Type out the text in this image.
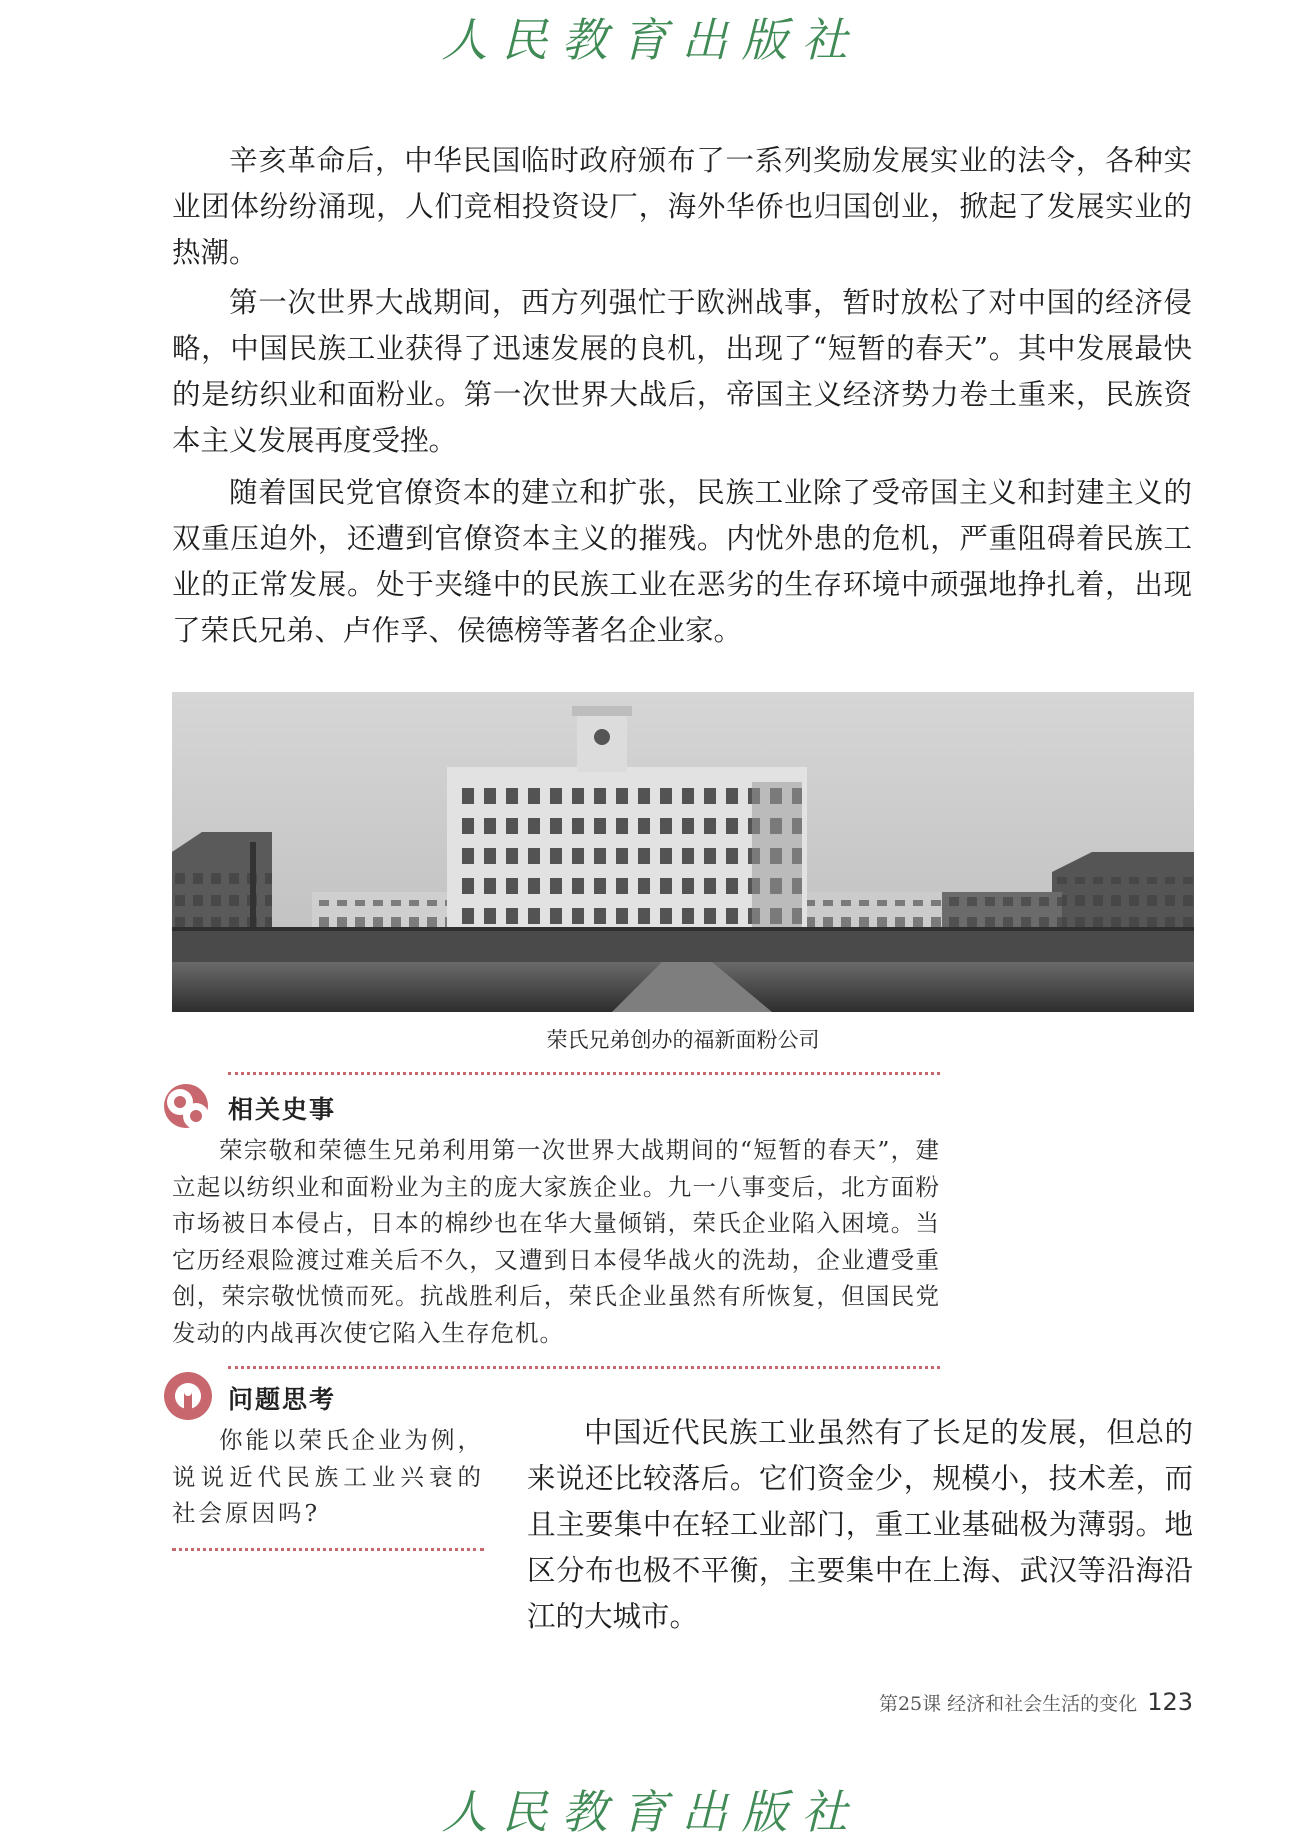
人民教育出版社

辛亥革命后，中华民国临时政府颁布了一系列奖励发展实业的法令，各种实业团体纷纷涌现，人们竞相投资设厂，海外华侨也归国创业，掀起了发展实业的热潮。

第一次世界大战期间，西方列强忙于欧洲战事，暂时放松了对中国的经济侵略，中国民族工业获得了迅速发展的良机，出现了“短暂的春天”。其中发展最快的是纺织业和面粉业。第一次世界大战后，帝国主义经济势力卷土重来，民族资本主义发展再度受挫。

随着国民党官僚资本的建立和扩张，民族工业除了受帝国主义和封建主义的双重压迫外，还遭到官僚资本主义的摧残。内忧外患的危机，严重阻碍着民族工业的正常发展。处于夹缝中的民族工业在恶劣的生存环境中顽强地挣扎着，出现了荣氏兄弟、卢作孚、侯德榜等著名企业家。

荣氏兄弟创办的福新面粉公司
相关史事

荣宗敬和荣德生兄弟利用第一次世界大战期间的“短暂的春天”，建立起以纺织业和面粉业为主的庞大家族企业。九一八事变后，北方面粉市场被日本侵占，日本的棉纱也在华大量倾销，荣氏企业陷入困境。当它历经艰险渡过难关后不久，又遭到日本侵华战火的洗劫，企业遭受重创，荣宗敬忧愤而死。抗战胜利后，荣氏企业虽然有所恢复，但国民党发动的内战再次使它陷入生存危机。

问题思考

你能以荣氏企业为例，说说近代民族工业兴衰的社会原因吗?

中国近代民族工业虽然有了长足的发展，但总的来说还比较落后。它们资金少，规模小，技术差，而且主要集中在轻工业部门，重工业基础极为薄弱。地区分布也极不平衡，主要集中在上海、武汉等沿海沿江的大城市。

第25课 经济和社会生活的变化 123
人民教育出版社
